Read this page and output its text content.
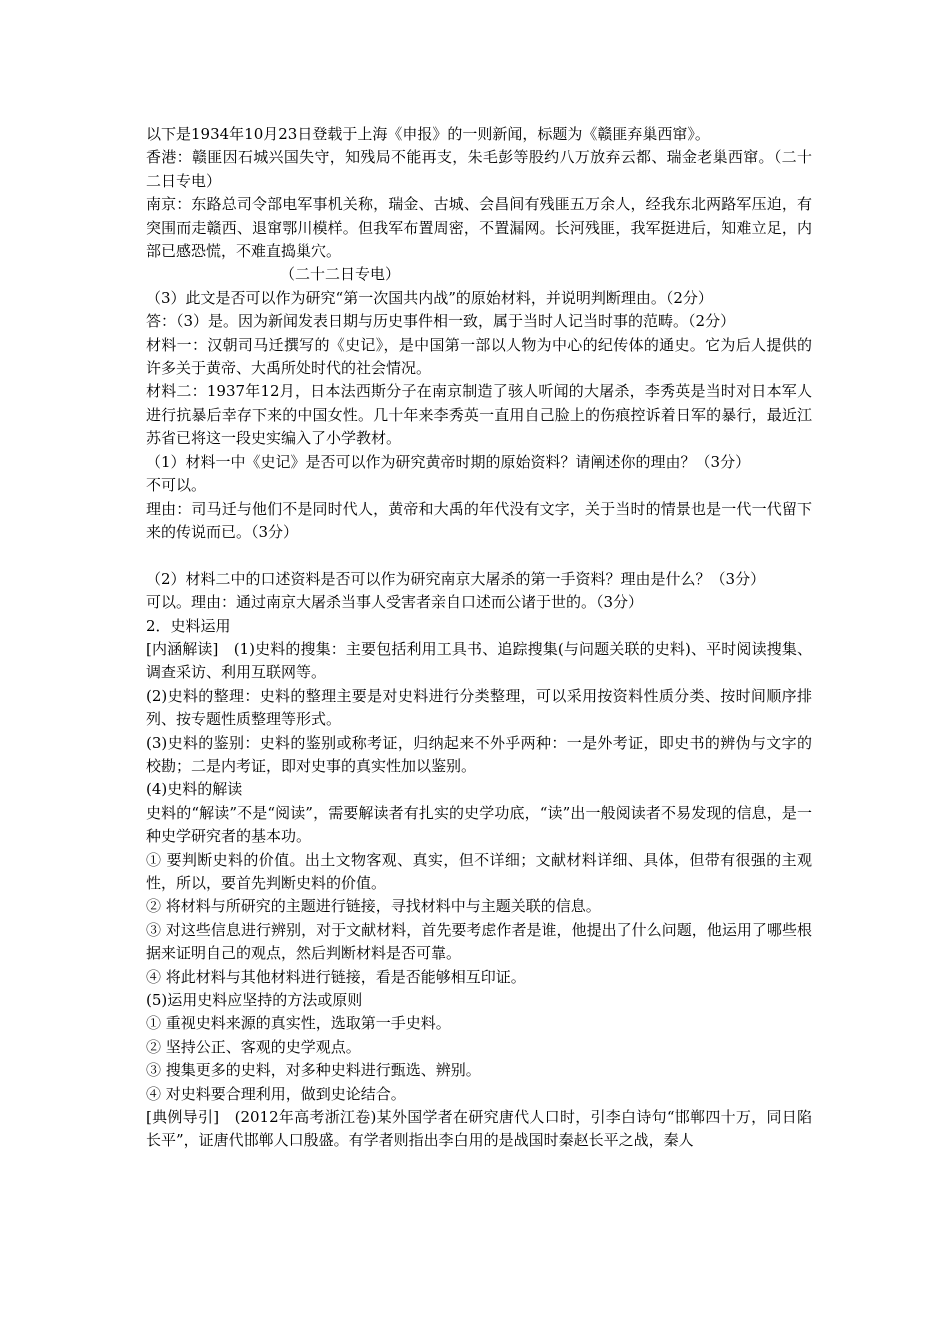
以下是1934年10月23日登载于上海《申报》的一则新闻，标题为《赣匪弃巢西窜》。

香港：赣匪因石城兴国失守，知残局不能再支，朱毛彭等股约八万放弃云都、瑞金老巢西窜。（二十二日专电）

南京：东路总司令部电军事机关称，瑞金、古城、会昌间有残匪五万余人，经我东北两路军压迫，有突围而走赣西、退窜鄂川模样。但我军布置周密，不置漏网。长河残匪，我军挺进后，知难立足，内部已感恐慌，不难直捣巢穴。

（二十二日专电）

（3）此文是否可以作为研究“第一次国共内战”的原始材料，并说明判断理由。（2分）

答：（3）是。因为新闻发表日期与历史事件相一致，属于当时人记当时事的范畴。（2分）

材料一：汉朝司马迁撰写的《史记》，是中国第一部以人物为中心的纪传体的通史。它为后人提供的许多关于黄帝、大禹所处时代的社会情况。

材料二：1937年12月，日本法西斯分子在南京制造了骇人听闻的大屠杀，李秀英是当时对日本军人进行抗暴后幸存下来的中国女性。几十年来李秀英一直用自己脸上的伤痕控诉着日军的暴行，最近江苏省已将这一段史实编入了小学教材。

（1）材料一中《史记》是否可以作为研究黄帝时期的原始资料？请阐述你的理由？（3分）

不可以。

理由：司马迁与他们不是同时代人，黄帝和大禹的年代没有文字，关于当时的情景也是一代一代留下来的传说而已。（3分）

（2）材料二中的口述资料是否可以作为研究南京大屠杀的第一手资料？理由是什么？（3分）

可以。理由：通过南京大屠杀当事人受害者亲自口述而公诸于世的。（3分）

2．史料运用

[内涵解读]　(1)史料的搜集：主要包括利用工具书、追踪搜集(与问题关联的史料)、平时阅读搜集、调查采访、利用互联网等。

(2)史料的整理：史料的整理主要是对史料进行分类整理，可以采用按资料性质分类、按时间顺序排列、按专题性质整理等形式。

(3)史料的鉴别：史料的鉴别或称考证，归纳起来不外乎两种：一是外考证，即史书的辨伪与文字的校勘；二是内考证，即对史事的真实性加以鉴别。

(4)史料的解读

史料的“解读”不是“阅读”，需要解读者有扎实的史学功底，“读”出一般阅读者不易发现的信息，是一种史学研究者的基本功。

① 要判断史料的价值。出土文物客观、真实，但不详细；文献材料详细、具体，但带有很强的主观性，所以，要首先判断史料的价值。

② 将材料与所研究的主题进行链接，寻找材料中与主题关联的信息。

③ 对这些信息进行辨别，对于文献材料，首先要考虑作者是谁，他提出了什么问题，他运用了哪些根据来证明自己的观点，然后判断材料是否可靠。

④ 将此材料与其他材料进行链接，看是否能够相互印证。

(5)运用史料应坚持的方法或原则

① 重视史料来源的真实性，选取第一手史料。

② 坚持公正、客观的史学观点。

③ 搜集更多的史料，对多种史料进行甄选、辨别。

④ 对史料要合理利用，做到史论结合。

[典例导引]　(2012年高考浙江卷)某外国学者在研究唐代人口时，引李白诗句“邯郸四十万，同日陷长平”，证唐代邯郸人口殷盛。有学者则指出李白用的是战国时秦赵长平之战，秦人
